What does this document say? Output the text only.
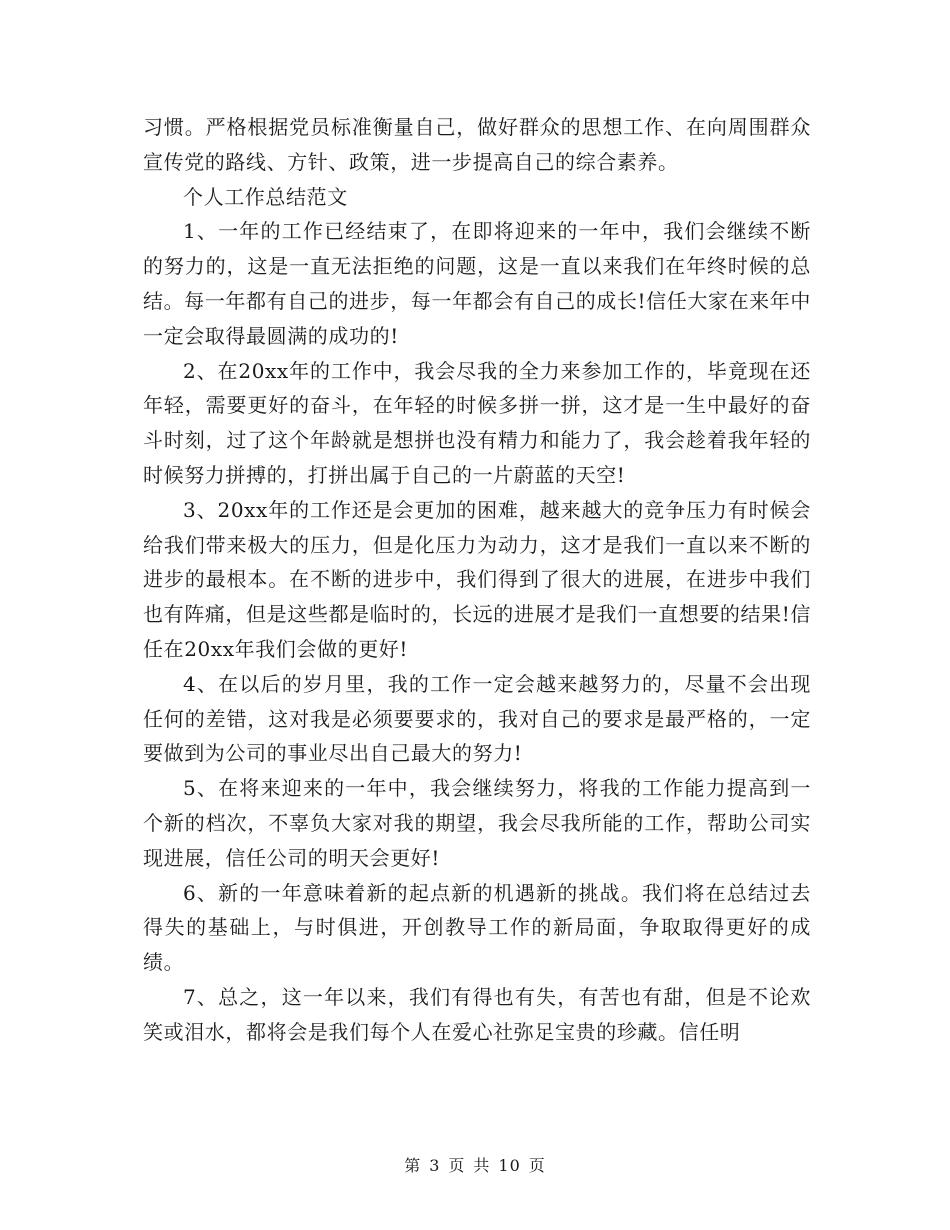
习惯。严格根据党员标准衡量自己，做好群众的思想工作、在向周围群众宣传党的路线、方针、政策，进一步提高自己的综合素养。

个人工作总结范文

1、一年的工作已经结束了，在即将迎来的一年中，我们会继续不断的努力的，这是一直无法拒绝的问题，这是一直以来我们在年终时候的总结。每一年都有自己的进步，每一年都会有自己的成长!信任大家在来年中一定会取得最圆满的成功的!

2、在20xx年的工作中，我会尽我的全力来参加工作的，毕竟现在还年轻，需要更好的奋斗，在年轻的时候多拼一拼，这才是一生中最好的奋斗时刻，过了这个年龄就是想拼也没有精力和能力了，我会趁着我年轻的时候努力拼搏的，打拼出属于自己的一片蔚蓝的天空!

3、20xx年的工作还是会更加的困难，越来越大的竞争压力有时候会给我们带来极大的压力，但是化压力为动力，这才是我们一直以来不断的进步的最根本。在不断的进步中，我们得到了很大的进展，在进步中我们也有阵痛，但是这些都是临时的，长远的进展才是我们一直想要的结果!信任在20xx年我们会做的更好!

4、在以后的岁月里，我的工作一定会越来越努力的，尽量不会出现任何的差错，这对我是必须要要求的，我对自己的要求是最严格的，一定要做到为公司的事业尽出自己最大的努力!

5、在将来迎来的一年中，我会继续努力，将我的工作能力提高到一个新的档次，不辜负大家对我的期望，我会尽我所能的工作，帮助公司实现进展，信任公司的明天会更好!

6、新的一年意味着新的起点新的机遇新的挑战。我们将在总结过去得失的基础上，与时俱进，开创教导工作的新局面，争取取得更好的成绩。

7、总之，这一年以来，我们有得也有失，有苦也有甜，但是不论欢笑或泪水，都将会是我们每个人在爱心社弥足宝贵的珍藏。信任明

第 3 页 共 10 页
